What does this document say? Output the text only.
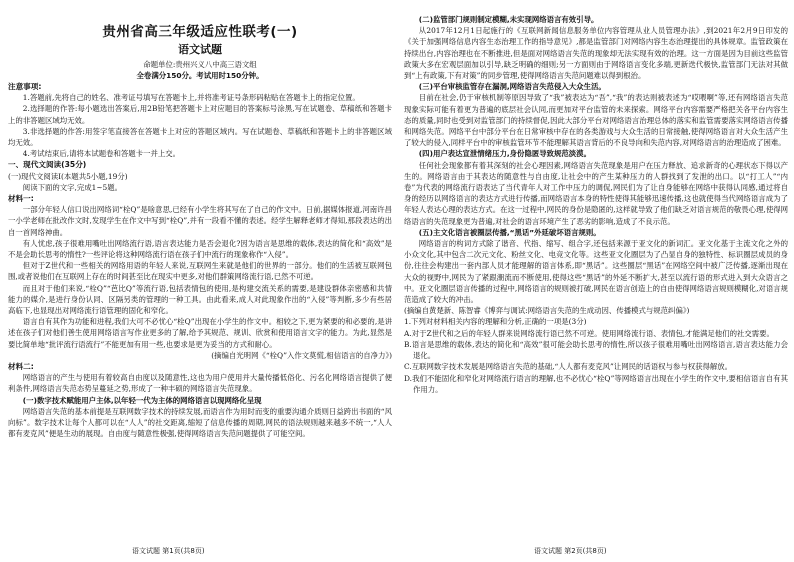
贵州省高三年级适应性联考(一)
语文试题
命题单位:贵州兴义八中高三语文组
全卷满分150分。考试用时150分钟。
注意事项:

1.答题前,先将自己的姓名、准考证号填写在答题卡上,并将准考证号条形码粘贴在答题卡上的指定位置。

2.选择题的作答:每小题选出答案后,用2B铅笔把答题卡上对应题目的答案标号涂黑,写在试题卷、草稿纸和答题卡上的非答题区域均无效。

3.非选择题的作答:用签字笔直接答在答题卡上对应的答题区域内。写在试题卷、草稿纸和答题卡上的非答题区域均无效。

4.考试结束后,请将本试题卷和答题卡一并上交。

一、现代文阅读(35分)

(一)现代文阅读Ⅰ(本题共5小题,19分)

阅读下面的文字,完成1~5题。

材料一:

一部分年轻人信口说出网络词“栓Q”是啥意思,已经有小学生将其写在了自己的作文中。日前,据媒体报道,河南许昌一小学老师在批改作文时,发现学生在作文中写到“栓Q”,并有一段看不懂的表述。经学生解释老师才得知,那段表达的出自一首网络神曲。

有人忧虑,孩子很难用嘴吐出网络流行语,语言表达能力是否会退化?因为语言是思维的载体,表达的简化和“高效”是不是会助长思考的惰性?一些评论将这种网络流行语在孩子们中流行的现象称作“入侵”。

但对于Z世代和一些相关的网络用语的年轻人来说,互联网生来就是他们的世界的一部分。他们的生活被互联网包围,或者说他们在互联网上存在的时间甚至比在现实中更多,对他们群策网络流行语,已然不可逆。

而且对于他们来说,“栓Q”“芭比Q”等流行语,包括表情包的使用,是构建交流关系的需要,是建设群体亲密感和共情能力的媒介,是进行身份认同、区隔另类的管理的一种工具。由此看来,成人对此现象作出的“入侵”等判断,多少有些居高临下,也显现出对网络流行语管理的固化和窄化。

语言自有其作为功能和进程,我们大可不必忧心“栓Q”出现在小学生的作文中。相较之下,更为紧要的和必要的,是讲述在孩子们对他们善生使用网络语言写作业更多的了解,给予其规范、规训、欣赏和使用语言文字的能力。为此,显然是要比简单地“批评流行语流行”不能更加有用一些,也要求是更为妥当的方式和耐心。

(摘编自光明网《“栓Q”入作文莫慌,相信语言的自净力》)

材料二:

网络语言的产生与使用有着较高自由度以及随意性,这也为用户使用并大量传播低俗化、污名化网络语言提供了便利条件,网络语言失范态势呈蔓延之势,形成了一种丰硕的网络语言失范现象。

(一)数字技术赋能用户主体,以年轻一代为主体的网络语言以现网络化呈现

网络语言失范的基本前提是互联网数字技术的持续发展,而语言作为用时而变的重要沟通介质则日益跨出书面的“风向标”。数字技术让每个人都可以在“人人”的社交距离,缩短了信息传播的周期,网民的语法规则越来越多不统一,“人人都有麦克风”便是生动的展现。自由度与随意性极强,使得网络语言失范问题提供了可能空间。

(二)监管部门规则制定模糊,未实现网络语言有效引导。

从2017年12月1日起施行的《互联网新闻信息服务单位内容管理从业人员管理办法》,到2021年2月9日印发的《关于加强网络信息内容生态治理工作的指导意见》,都是监管部门对网络内容生态治理提出的具体规章。监管政策在持续出台,内容治理也在不断推进,但是面对网络语言失范的现象却无法实现有效的治理。这一方面是因为目前这些监管政策大多在宏观层面加以引导,缺乏明确的细则;另一方面则由于网络语言变化多端,更新迭代极快,监管部门无法对其做到“上有政策,下有对策”的同步管理,使得网络语言失范问题难以得到根治。

(三)平台审核监管存在漏洞,网络语言失范侵入大众生活。

目前在社会,仍于审核机制等原因导致了“我”被表达为“吾”,“我”的表达则被表述为“哎喂啊”等,还有网络语言失范现象实际可能有着更为普遍的底层社会认同,而更加对平台监管的未来探索。网络平台内容需要严格把关各平台内容生态的质量,同时也受到对监管部门的持续督促,因此大部分平台对网络语言治理总体的落实和监管需要落实网络语言传播和网络失范。网络平台中部分平台在日常审核中存在的各类游戏与大众生活的日常接触,使得网络语言对大众生活产生了较大的侵入,同样平台中的审核监管环节不能理解其语言背后的不良导向和失范内容,对网络语言的治理造成了困难。

(四)用户表达宣泄情绪压力,身份隐匿导致规范淡漠。

任何社会现象都有着其深刻的社会心理因素,网络语言失范现象是用户在压力释放、追求新奇的心理状态下得以产生的。网络语言由于其表达的随意性与自由度,让社会中的产生某种压力的人群找到了发泄的出口。以“打工人”“内卷”为代表的网络流行语表达了当代青年人对工作中压力的调侃,网民们为了让自身能够在网络中获得认同感,通过将自身的经历以网络语言的表达方式进行传播,而网络语言本身的特性使得其能够迅速传播,这也就使得当代网络语言成为了年轻人表达心理的表达方式。在这一过程中,网民的身份是隐匿的,这样就导致了他们缺乏对语言规范的敬畏心理,使得网络语言的失范现象更为普遍,对社会的语言环境产生了恶劣的影响,造成了不良示范。

(五)主文化语言被圈层传播,“黑话”外延破坏语言规则。

网络语言的构词方式除了谐音、代指、缩写、组合字,还包括来源于亚文化的新词汇。亚文化基于主流文化之外的小众文化,其中包含二次元文化、粉丝文化、电竞文化等。这些亚文化圈层为了凸显自身的独特性、标识圈层成员的身份,往往会构建出一套内部人员才能理解的语言体系,即“黑话”。这些圈层“黑话”在网络空间中被广泛传播,逐渐出现在大众的视野中,网民为了紧跟潮流而不断使用,使得这些“黑话”的外延不断扩大,甚至以流行语的形式进入到大众语言之中。亚文化圈层语言传播的过程中,网络语言的规则被打破,网民在语言创造上的自由使得网络语言规则模糊化,对语言规范造成了较大的冲击。

(摘编自黄楚新、陈智睿《博弈与调试:网络语言失范的生成动因、传播模式与规范纠偏》)

1.下列对材料相关内容的理解和分析,正确的一项是(3分)

A.对于Z世代和之后的年轻人群来说网络流行语已然不可逆。使用网络流行语、表情包,才能满足他们的社交需要。

B.语言是思维的载体,表达的简化和“高效”很可能会助长思考的惰性,所以孩子很难用嘴吐出网络语言,语言表达能力会退化。

C.互联网数字技术发展是网络语言失范的基础,“人人都有麦克风”让网民的话语权与参与权获得解放。

D.我们不能固化和窄化对网络流行语言的理解,也不必忧心“栓Q”等网络语言出现在小学生的作文中,要相信语言自有其作用力。

语文试题 第1页(共8页)	语文试题 第2页(共8页)
